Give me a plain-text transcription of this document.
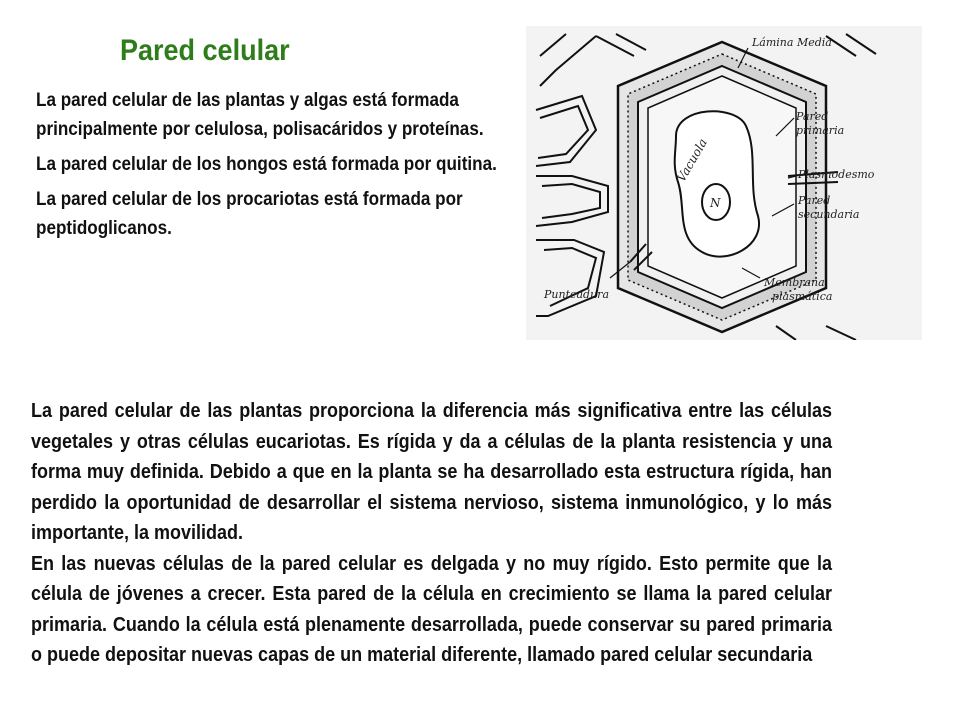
Pared celular

La pared celular de las plantas y algas está formada principalmente por celulosa, polisacáridos y proteínas.

La pared celular de los hongos está formada por quitina.

La pared celular de los procariotas está formada por peptidoglicanos.

Vacuola
N
Lámina Media
Pared
primaria
Plasmodesmo
Pared
secundaria
Membrana
plasmática
Punteadura

La pared celular de las plantas proporciona la diferencia más significativa entre las células vegetales y otras células eucariotas. Es rígida y da a células de la planta resistencia y una forma muy definida. Debido a que en la planta se ha desarrollado esta estructura rígida, han perdido la oportunidad de desarrollar el sistema nervioso, sistema inmunológico, y lo más importante, la movilidad.

En las nuevas células de la pared celular es delgada y no muy rígido. Esto permite que la célula de jóvenes a crecer. Esta pared de la célula en crecimiento se llama la pared celular primaria. Cuando la célula está plenamente desarrollada, puede conservar su pared primaria o puede depositar nuevas capas de un material diferente, llamado pared celular secundaria
